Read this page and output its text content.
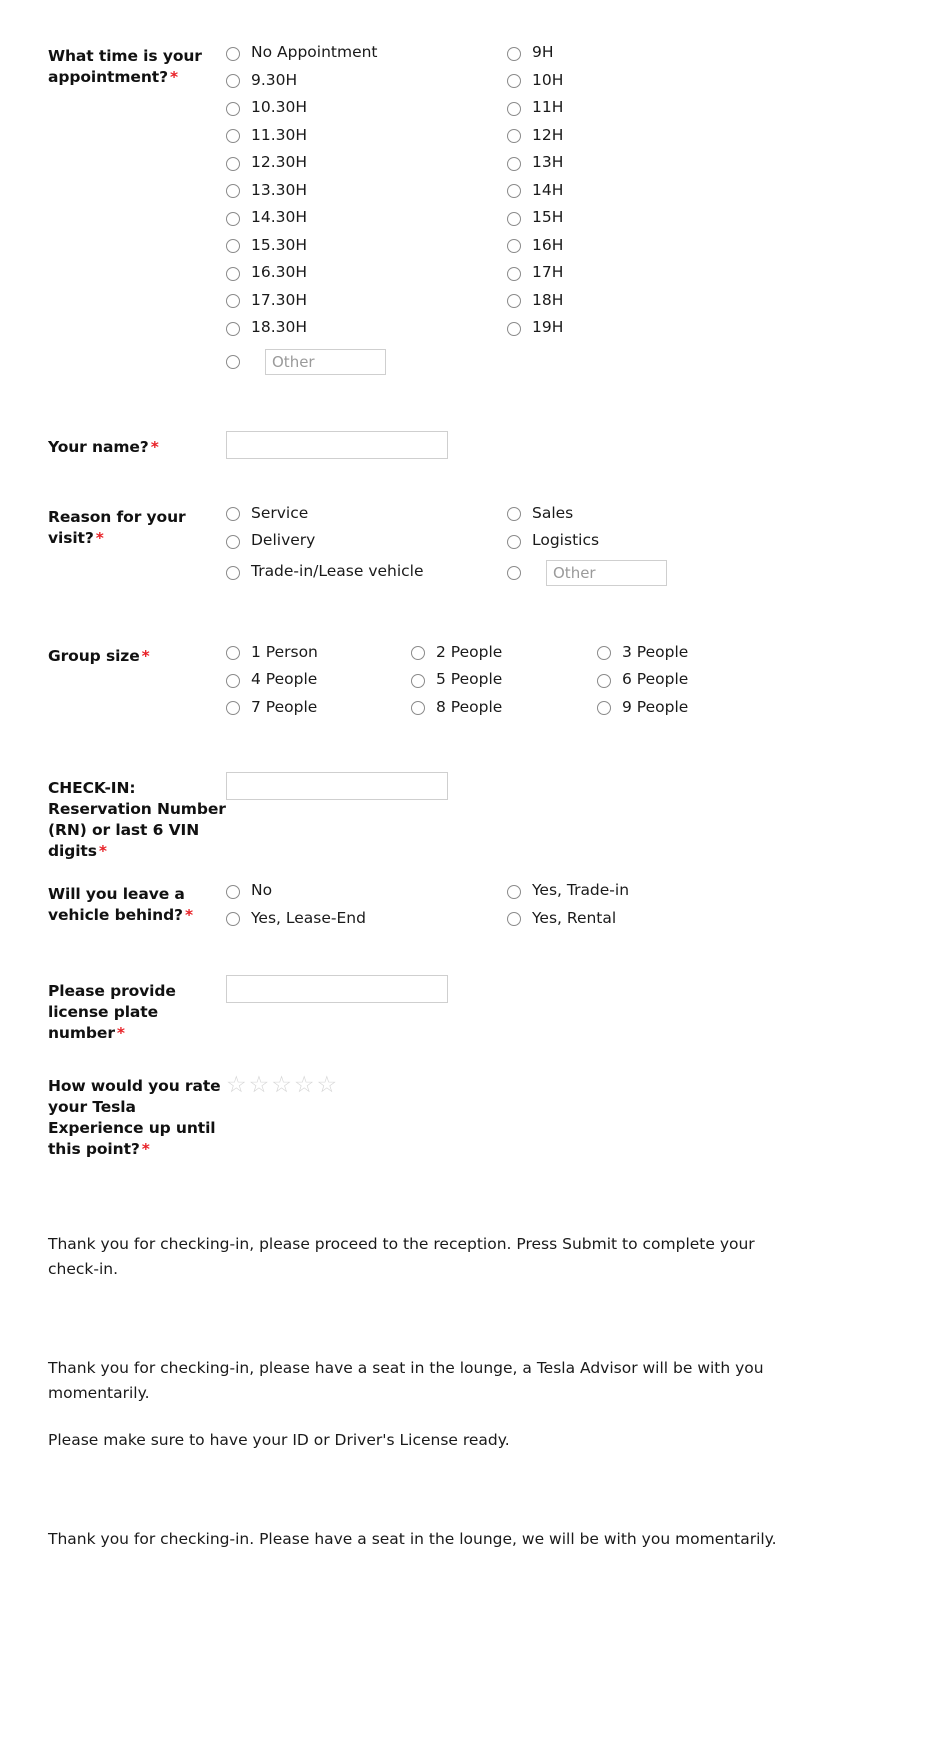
What time is your appointment? *
No Appointment	9H
9.30H	10H
10.30H	11H
11.30H	12H
12.30H	13H
13.30H	14H
14.30H	15H
15.30H	16H
16.30H	17H
17.30H	18H
18.30H	19H
Other
Your name? *
Reason for your visit? *
Service	Sales
Delivery	Logistics
Trade-in/Lease vehicle
Other
Group size *	1 Person	2 People	3 People
4 People	5 People	6 People
7 People	8 People	9 People
CHECK-IN: Reservation Number (RN) or last 6 VIN digits *
Will you leave a vehicle behind? *
No	Yes, Trade-in
Yes, Lease-End	Yes, Rental
Please provide license plate number *
How would you rate your Tesla Experience up until this point? *
☆ ☆ ☆ ☆ ☆
Thank you for checking-in, please proceed to the reception. Press Submit to complete your check-in.
Thank you for checking-in, please have a seat in the lounge, a Tesla Advisor will be with you momentarily.
Please make sure to have your ID or Driver's License ready.
Thank you for checking-in. Please have a seat in the lounge, we will be with you momentarily.
